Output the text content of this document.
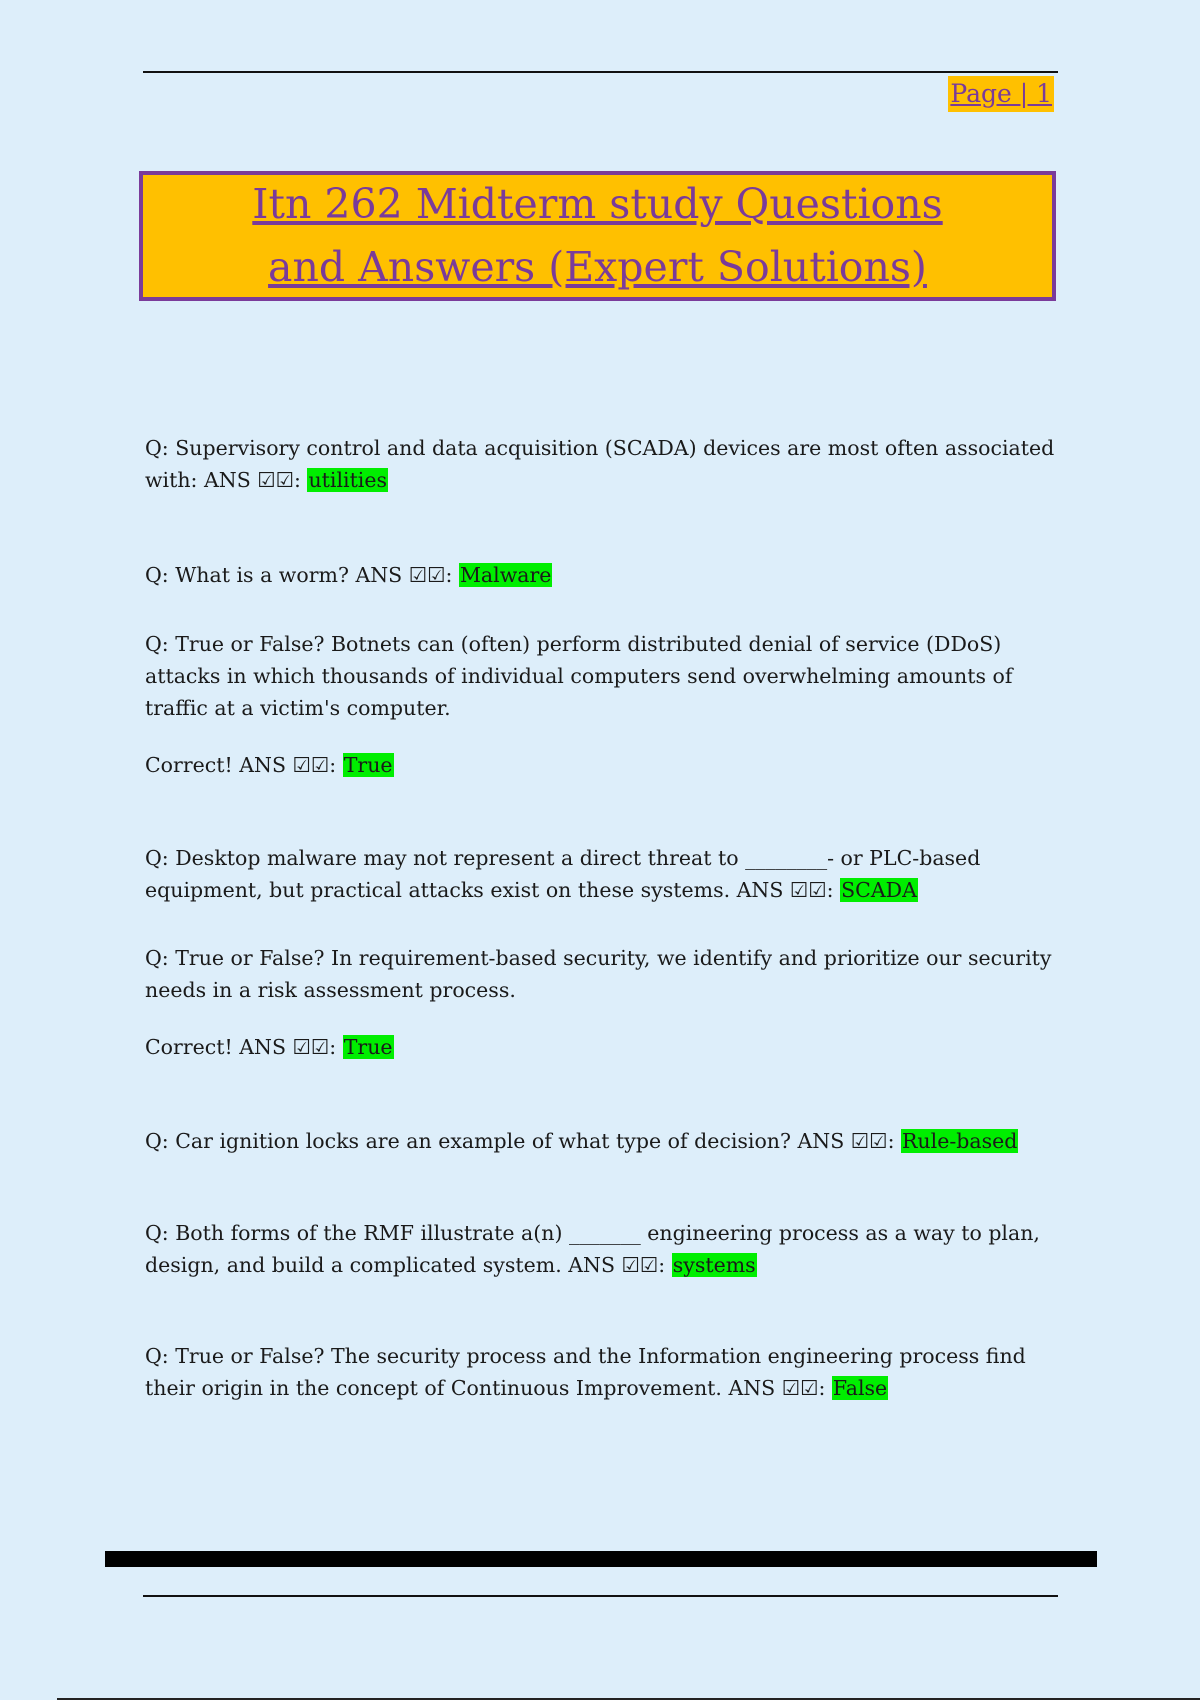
Page | 1
Itn 262 Midterm study Questions and Answers (Expert Solutions)

Q: Supervisory control and data acquisition (SCADA) devices are most often associated with: ANS ☑☑: utilities

Q: What is a worm? ANS ☑☑: Malware

Q: True or False? Botnets can (often) perform distributed denial of service (DDoS) attacks in which thousands of individual computers send overwhelming amounts of traffic at a victim's computer.

Correct! ANS ☑☑: True

Q: Desktop malware may not represent a direct threat to ________- or PLC-based equipment, but practical attacks exist on these systems. ANS ☑☑: SCADA

Q: True or False? In requirement-based security, we identify and prioritize our security needs in a risk assessment process.

Correct! ANS ☑☑: True

Q: Car ignition locks are an example of what type of decision? ANS ☑☑: Rule-based

Q: Both forms of the RMF illustrate a(n) _______ engineering process as a way to plan, design, and build a complicated system. ANS ☑☑: systems

Q: True or False? The security process and the Information engineering process find their origin in the concept of Continuous Improvement. ANS ☑☑: False
